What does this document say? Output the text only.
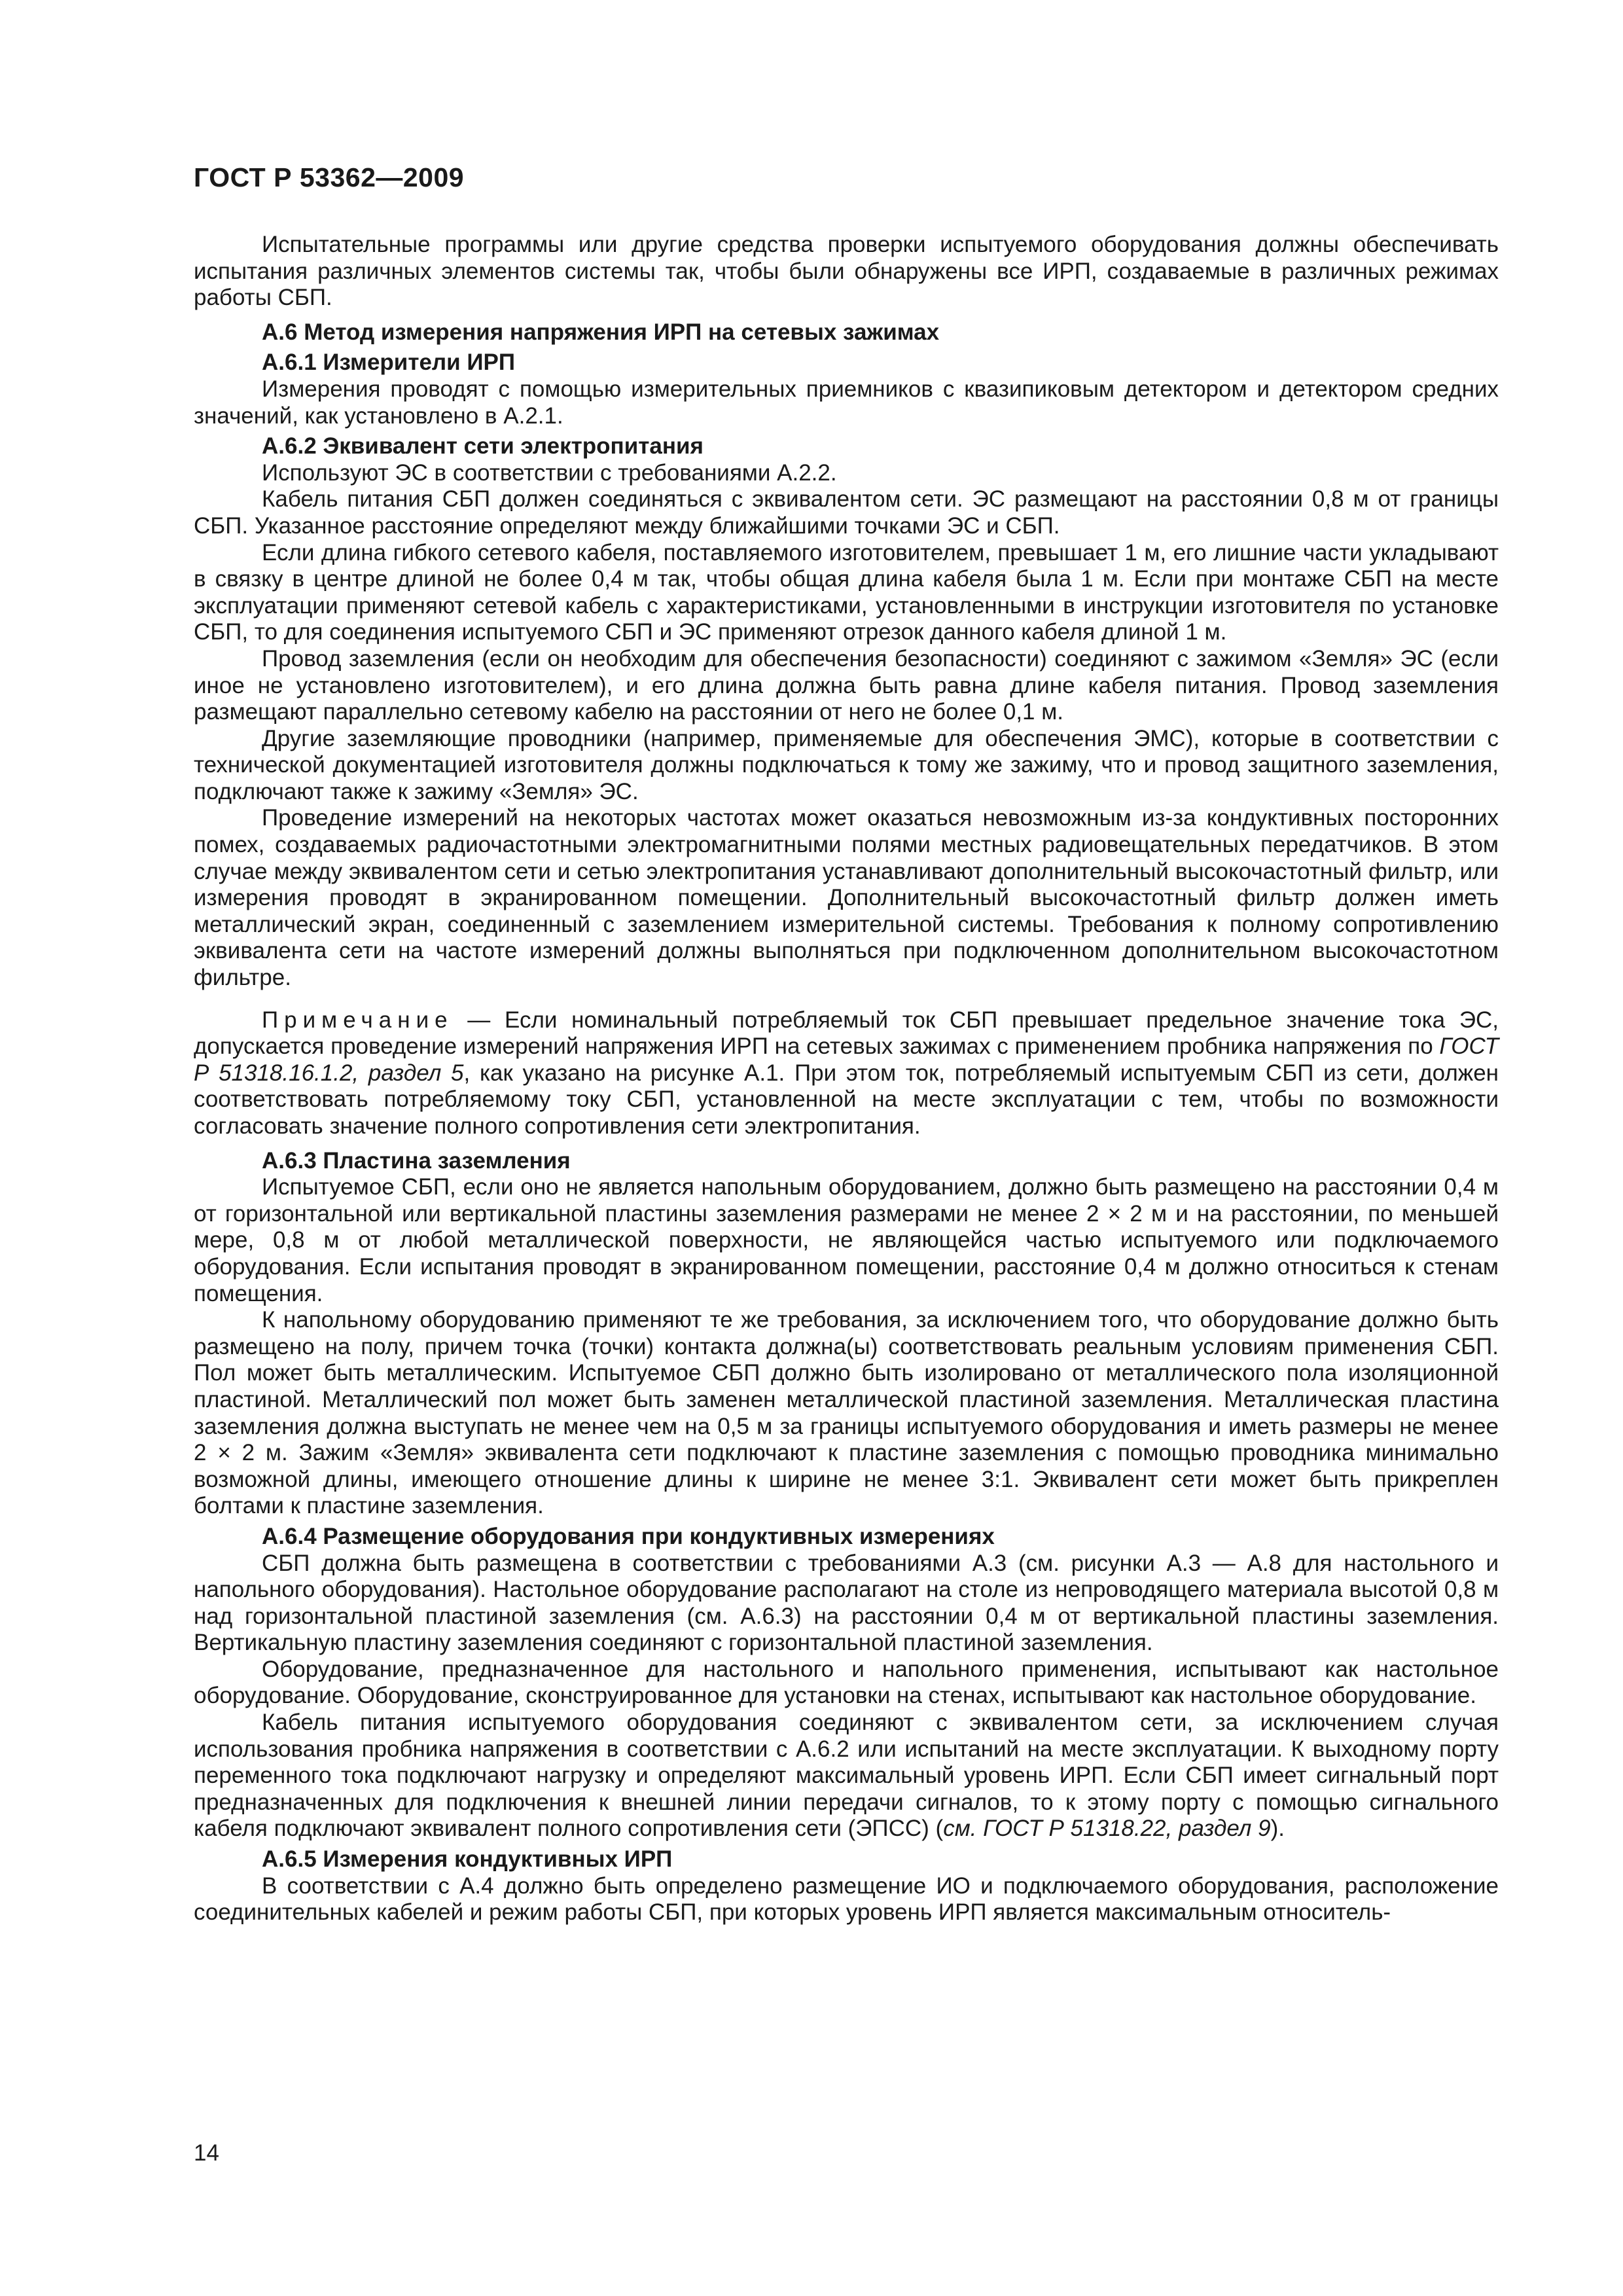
ГОСТ Р 53362—2009

Испытательные программы или другие средства проверки испытуемого оборудования должны обеспечивать испытания различных элементов системы так, чтобы были обнаружены все ИРП, создаваемые в различных режимах работы СБП.

А.6 Метод измерения напряжения ИРП на сетевых зажимах
А.6.1 Измерители ИРП

Измерения проводят с помощью измерительных приемников с квазипиковым детектором и детектором средних значений, как установлено в А.2.1.

А.6.2 Эквивалент сети электропитания

Используют ЭС в соответствии с требованиями А.2.2.

Кабель питания СБП должен соединяться с эквивалентом сети. ЭС размещают на расстоянии 0,8 м от границы СБП. Указанное расстояние определяют между ближайшими точками ЭС и СБП.

Если длина гибкого сетевого кабеля, поставляемого изготовителем, превышает 1 м, его лишние части укладывают в связку в центре длиной не более 0,4 м так, чтобы общая длина кабеля была 1 м. Если при монтаже СБП на месте эксплуатации применяют сетевой кабель с характеристиками, установленными в инструкции изготовителя по установке СБП, то для соединения испытуемого СБП и ЭС применяют отрезок данного кабеля длиной 1 м.

Провод заземления (если он необходим для обеспечения безопасности) соединяют с зажимом «Земля» ЭС (если иное не установлено изготовителем), и его длина должна быть равна длине кабеля питания. Провод заземления размещают параллельно сетевому кабелю на расстоянии от него не более 0,1 м.

Другие заземляющие проводники (например, применяемые для обеспечения ЭМС), которые в соответствии с технической документацией изготовителя должны подключаться к тому же зажиму, что и провод защитного заземления, подключают также к зажиму «Земля» ЭС.

Проведение измерений на некоторых частотах может оказаться невозможным из-за кондуктивных посторонних помех, создаваемых радиочастотными электромагнитными полями местных радиовещательных передатчиков. В этом случае между эквивалентом сети и сетью электропитания устанавливают дополнительный высокочастотный фильтр, или измерения проводят в экранированном помещении. Дополнительный высокочастотный фильтр должен иметь металлический экран, соединенный с заземлением измерительной системы. Требования к полному сопротивлению эквивалента сети на частоте измерений должны выполняться при подключенном дополнительном высокочастотном фильтре.

Примечание — Если номинальный потребляемый ток СБП превышает предельное значение тока ЭС, допускается проведение измерений напряжения ИРП на сетевых зажимах с применением пробника напряжения по ГОСТ Р 51318.16.1.2, раздел 5, как указано на рисунке А.1. При этом ток, потребляемый испытуемым СБП из сети, должен соответствовать потребляемому току СБП, установленной на месте эксплуатации с тем, чтобы по возможности согласовать значение полного сопротивления сети электропитания.

А.6.3 Пластина заземления

Испытуемое СБП, если оно не является напольным оборудованием, должно быть размещено на расстоянии 0,4 м от горизонтальной или вертикальной пластины заземления размерами не менее 2 × 2 м и на расстоянии, по меньшей мере, 0,8 м от любой металлической поверхности, не являющейся частью испытуемого или подключаемого оборудования. Если испытания проводят в экранированном помещении, расстояние 0,4 м должно относиться к стенам помещения.

К напольному оборудованию применяют те же требования, за исключением того, что оборудование должно быть размещено на полу, причем точка (точки) контакта должна(ы) соответствовать реальным условиям применения СБП. Пол может быть металлическим. Испытуемое СБП должно быть изолировано от металлического пола изоляционной пластиной. Металлический пол может быть заменен металлической пластиной заземления. Металлическая пластина заземления должна выступать не менее чем на 0,5 м за границы испытуемого оборудования и иметь размеры не менее 2 × 2 м. Зажим «Земля» эквивалента сети подключают к пластине заземления с помощью проводника минимально возможной длины, имеющего отношение длины к ширине не менее 3:1. Эквивалент сети может быть прикреплен болтами к пластине заземления.

А.6.4 Размещение оборудования при кондуктивных измерениях

СБП должна быть размещена в соответствии с требованиями А.3 (см. рисунки А.3 — А.8 для настольного и напольного оборудования). Настольное оборудование располагают на столе из непроводящего материала высотой 0,8 м над горизонтальной пластиной заземления (см. А.6.3) на расстоянии 0,4 м от вертикальной пластины заземления. Вертикальную пластину заземления соединяют с горизонтальной пластиной заземления.

Оборудование, предназначенное для настольного и напольного применения, испытывают как настольное оборудование. Оборудование, сконструированное для установки на стенах, испытывают как настольное оборудование.

Кабель питания испытуемого оборудования соединяют с эквивалентом сети, за исключением случая использования пробника напряжения в соответствии с А.6.2 или испытаний на месте эксплуатации. К выходному порту переменного тока подключают нагрузку и определяют максимальный уровень ИРП. Если СБП имеет сигнальный порт предназначенных для подключения к внешней линии передачи сигналов, то к этому порту с помощью сигнального кабеля подключают эквивалент полного сопротивления сети (ЭПСС) (см. ГОСТ Р 51318.22, раздел 9).

А.6.5 Измерения кондуктивных ИРП

В соответствии с А.4 должно быть определено размещение ИО и подключаемого оборудования, расположение соединительных кабелей и режим работы СБП, при которых уровень ИРП является максимальным относитель-

14
